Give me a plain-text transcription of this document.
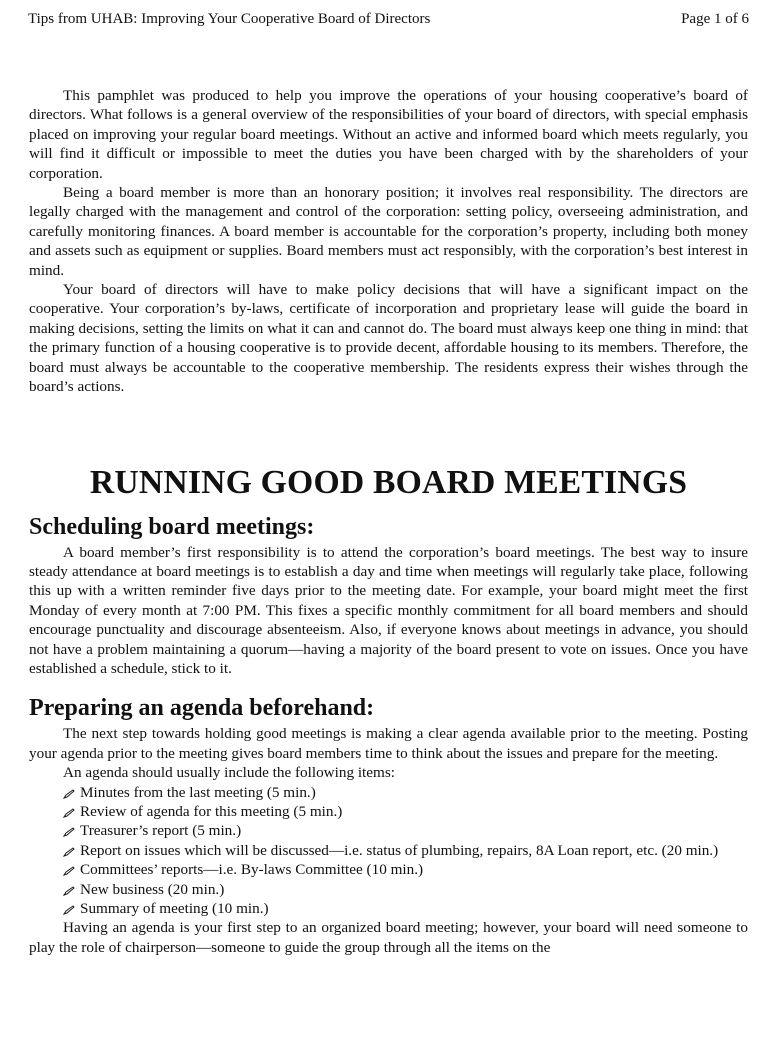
Tips from UHAB: Improving Your Cooperative Board of Directors	Page 1 of 6

This pamphlet was produced to help you improve the operations of your housing cooperative’s board of directors. What follows is a general overview of the responsibilities of your board of directors, with special emphasis placed on improving your regular board meetings. Without an active and informed board which meets regularly, you will find it difficult or impossible to meet the duties you have been charged with by the shareholders of your corporation.

Being a board member is more than an honorary position; it involves real responsibility. The directors are legally charged with the management and control of the corporation: setting policy, overseeing administration, and carefully monitoring finances. A board member is accountable for the corporation’s property, including both money and assets such as equipment or supplies. Board members must act responsibly, with the corporation’s best interest in mind.

Your board of directors will have to make policy decisions that will have a significant impact on the cooperative. Your corporation’s by-laws, certificate of incorporation and proprietary lease will guide the board in making decisions, setting the limits on what it can and cannot do. The board must always keep one thing in mind: that the primary function of a housing cooperative is to provide decent, affordable housing to its members. Therefore, the board must always be accountable to the cooperative membership. The residents express their wishes through the board’s actions.

RUNNING GOOD BOARD MEETINGS
Scheduling board meetings:

A board member’s first responsibility is to attend the corporation’s board meetings. The best way to insure steady attendance at board meetings is to establish a day and time when meetings will regularly take place, following this up with a written reminder five days prior to the meeting date. For example, your board might meet the first Monday of every month at 7:00 PM. This fixes a specific monthly commitment for all board members and should encourage punctuality and discourage absenteeism. Also, if everyone knows about meetings in advance, you should not have a problem maintaining a quorum—having a majority of the board present to vote on issues. Once you have established a schedule, stick to it.

Preparing an agenda beforehand:

The next step towards holding good meetings is making a clear agenda available prior to the meeting. Posting your agenda prior to the meeting gives board members time to think about the issues and prepare for the meeting.

An agenda should usually include the following items:

Minutes from the last meeting (5 min.)
Review of agenda for this meeting (5 min.)
Treasurer’s report (5 min.)
Report on issues which will be discussed—i.e. status of plumbing, repairs, 8A Loan report, etc. (20 min.)
Committees’ reports—i.e. By-laws Committee (10 min.)
New business (20 min.)
Summary of meeting (10 min.)

Having an agenda is your first step to an organized board meeting; however, your board will need someone to play the role of chairperson—someone to guide the group through all the items on the
